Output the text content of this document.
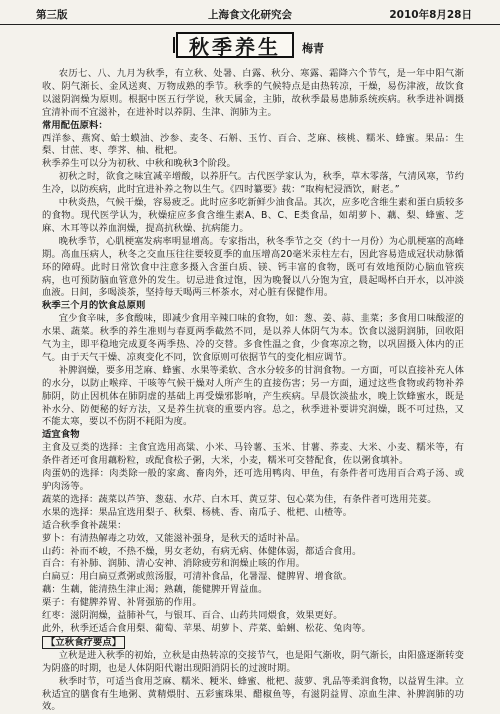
第三版	上海食文化研究会	2010年8月28日
秋季养生	梅青

农历七、八、九月为秋季，有立秋、处暑、白露、秋分、寒露、霜降六个节气，是一年中阳气渐收、阴气渐长、金风送爽、万物成熟的季节。秋季的气候特点是由热转凉，干燥，易伤津液，故饮食以滋阴润燥为原则。根据中医五行学说，秋天属金，主肺，故秋季最易患肺系统疾病。秋季进补调摄宜清补而不宜滋补，在进补时以养阴、生津、润肺为主。

常用配伍原料：

西洋参、燕窝、蛤士蟆油、沙参、麦冬、石斛、玉竹、百合、芝麻、核桃、糯米、蜂蜜。果品：生梨、甘蔗、枣、荸荠、柚、枇杷。

秋季养生可以分为初秋、中秋和晚秋3个阶段。

初秋之时，欲食之味宜减辛增酸，以养肝气。古代医学家认为，秋季，草木零落，气清风寒，节约生冷，以防疾病，此时宜进补养之物以生气。《四时纂要》载：“取枸杞浸酒饮，耐老。”

中秋炎热，气候干燥，容易疲乏。此时应多吃新鲜少油食品。其次，应多吃含维生素和蛋白质较多的食物。现代医学认为，秋燥症应多食含维生素A、B、C、E类食品，如胡萝卜、藕、梨、蜂蜜、芝麻、木耳等以养血润燥，提高抗秋燥、抗病能力。

晚秋季节，心肌梗塞发病率明显增高。专家指出，秋冬季节之交（约十一月份）为心肌梗塞的高峰期。高血压病人，秋冬之交血压往往要较夏季的血压增高20毫米汞柱左右，因此容易造成冠状动脉循环的障碍。此时日常饮食中注意多摄入含蛋白质、镁、钙丰富的食物，既可有效地预防心脑血管疾病，也可预防脑血管意外的发生。切忌进食过饱，因为晚餐以八分饱为宜，晨起喝杯白开水，以冲淡血液。日间，多喝淡茶，坚持每天喝两三杯茶水，对心脏有保健作用。

秋季三个月的饮食总原则

宜少食辛味，多食酸味，即减少食用辛辣口味的食物，如：葱、姜、蒜、韭菜；多食用口味酸涩的水果、蔬菜。秋季的养生准则与春夏两季截然不同，是以养人体阴气为本。饮食以滋阴润肺，回收阳气为主，即平稳地完成夏冬两季热、冷的交替。多食性温之食，少食寒凉之物，以巩固摄入体内的正气。由于天气干燥、凉爽变化不同，饮食原则可依据节气的变化相应调节。

补脾润燥，要多用芝麻、蜂蜜、水果等柔软、含水分较多的甘润食物。一方面，可以直接补充人体的水分，以防止喉痒、干咳等气候干燥对人所产生的直接伤害；另一方面，通过这些食物或药物补养肺阴，防止因机体在肺阴虚的基础上再受燥邪影响，产生疾病。早晨饮淡盐水，晚上饮蜂蜜水，既是补水分、防便秘的好方法，又是养生抗衰的重要内容。总之，秋季进补要讲究润燥，既不可过热，又不能太寒，要以不伤阴不耗阳为度。

适宜食物

主食及豆类的选择：主食宜选用高粱、小米、马铃薯、玉米、甘薯、荞麦、大米、小麦、糯米等，有条件者还可食用藕粉粒，或配食松子粥，大米，小麦，糯米可交替配食，佐以粥食填补。

肉蛋奶的选择：肉类除一般的家禽、畜肉外，还可选用鸭肉、甲鱼，有条件者可选用百合鸡子汤、或驴肉汤等。

蔬菜的选择：蔬菜以芦笋、葱菇、水芹、白木耳、黄豆芽、包心菜为佳，有条件者可选用芫荽。

水果的选择：果品宜选用梨子、秋梨、杨桃、香、南瓜子、枇杷、山楂等。

适合秋季食补蔬果：

萝卜：有清热解毒之功效，又能滋补强身，是秋天的适时补品。

山药：补而不峻，不热不燥，男女老幼，有病无病、体健体弱，都适合食用。

百合：有补肺、润肺、清心安神、消除疲劳和润燥止咳的作用。

白扁豆：用白扁豆煮粥或煎汤服，可清补食品，化暑湿、健脾胃、增食欲。

藕：生藕，能清热生津止渴；熟藕，能健脾开胃益血。

栗子：有健脾养胃、补肾强筋的作用。

红枣：滋阴润燥，益肺补气，与银耳、百合、山药共同煨食，效果更好。

此外，秋季还适合食用梨、葡萄、苹果、胡萝卜、芹菜、蛤蜊、松花、兔肉等。

【立秋食疗要点】

立秋是进入秋季的初始，立秋是由热转凉的交接节气，也是阳气渐收，阴气渐长，由阳盛逐渐转变为阴盛的时期，也是人体阴阳代谢出现阳消阴长的过渡时期。

秋季时节，可适当食用芝麻、糯米、粳米、蜂蜜、枇杷、菠萝、乳品等柔润食物，以益胃生津。立秋适宜的膳食有生地粥、黄精煨肘、五彩蜜珠果、醋椒鱼等，有滋阴益胃、凉血生津、补脾润肺的功效。
